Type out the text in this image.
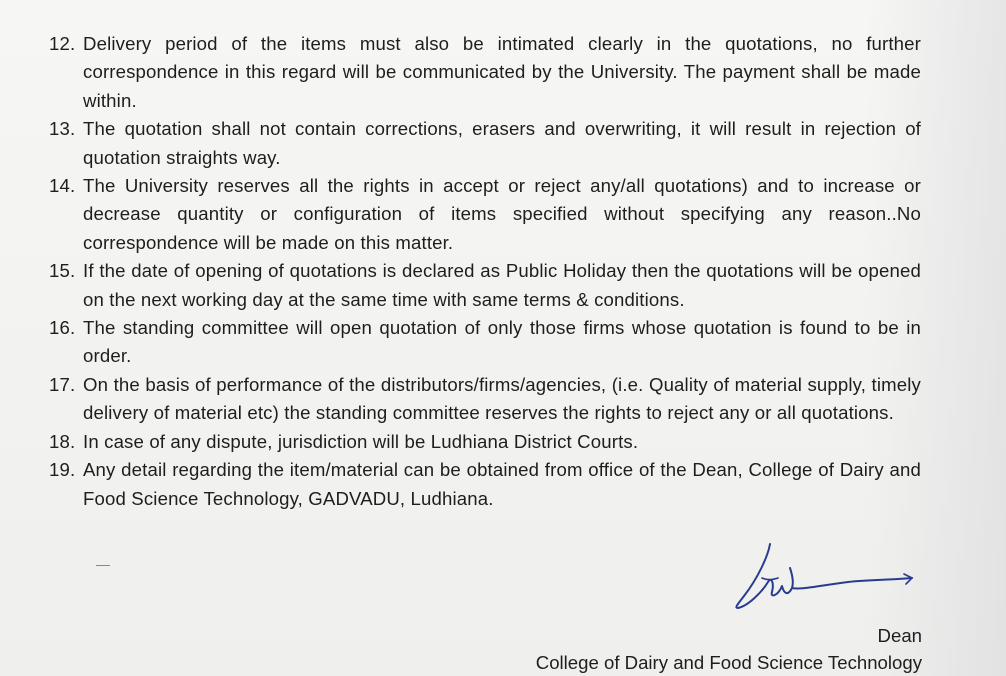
12. Delivery period of the items must also be intimated clearly in the quotations, no further correspondence in this regard will be communicated by the University. The payment shall be made within.
13. The quotation shall not contain corrections, erasers and overwriting, it will result in rejection of quotation straights way.
14. The University reserves all the rights in accept or reject any/all quotations) and to increase or decrease quantity or configuration of items specified without specifying any reason..No correspondence will be made on this matter.
15. If the date of opening of quotations is declared as Public Holiday then the quotations will be opened on the next working day at the same time with same terms & conditions.
16. The standing committee will open quotation of only those firms whose quotation is found to be in order.
17. On the basis of performance of the distributors/firms/agencies, (i.e. Quality of material supply, timely delivery of material etc) the standing committee reserves the rights to reject any or all quotations.
18. In case of any dispute, jurisdiction will be Ludhiana District Courts.
19. Any detail regarding the item/material can be obtained from office of the Dean, College of Dairy and Food Science Technology, GADVADU, Ludhiana.
Dean
College of Dairy and Food Science Technology
